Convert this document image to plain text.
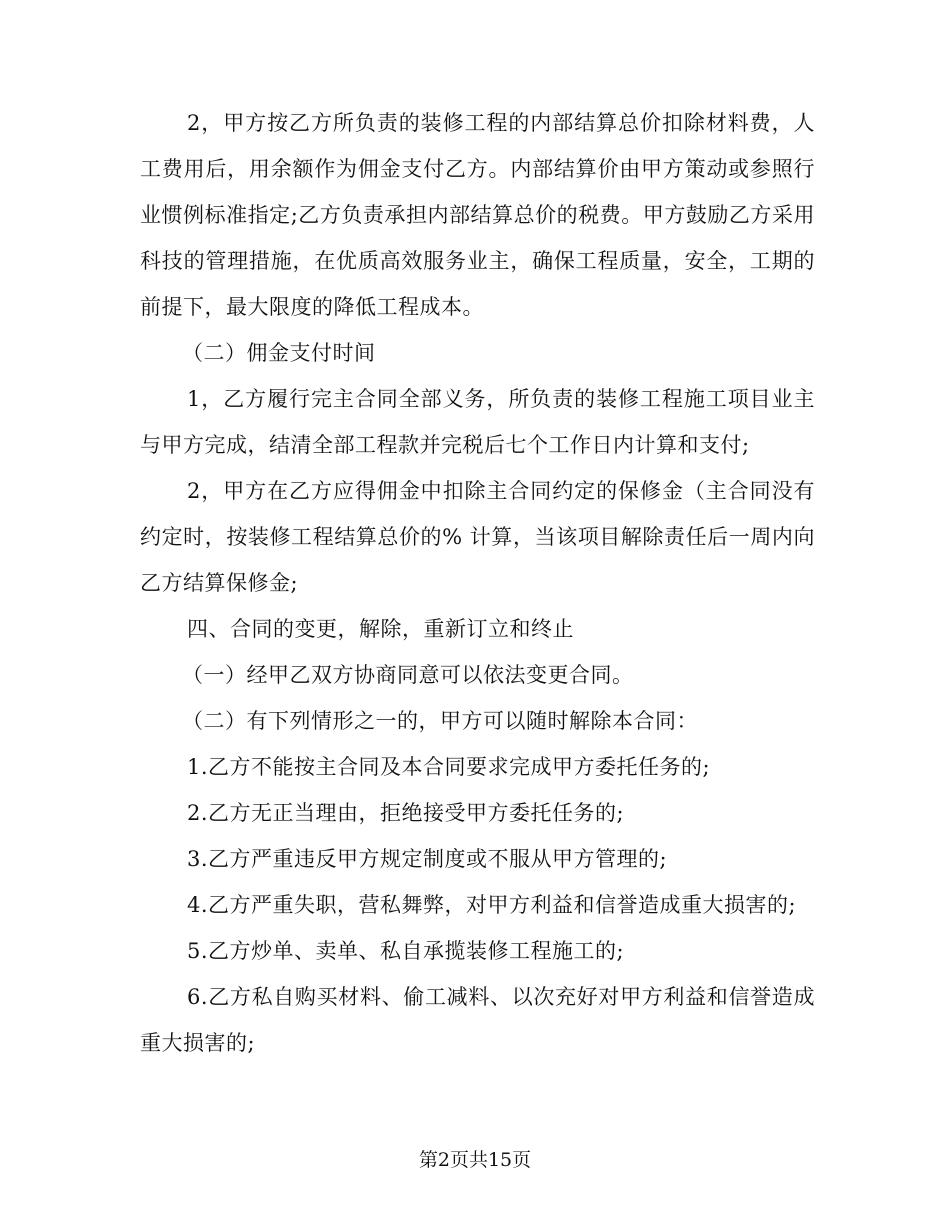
2，甲方按乙方所负责的装修工程的内部结算总价扣除材料费，人工费用后，用余额作为佣金支付乙方。内部结算价由甲方策动或参照行业惯例标准指定;乙方负责承担内部结算总价的税费。甲方鼓励乙方采用科技的管理措施，在优质高效服务业主，确保工程质量，安全，工期的前提下，最大限度的降低工程成本。

（二）佣金支付时间

1，乙方履行完主合同全部义务，所负责的装修工程施工项目业主与甲方完成，结清全部工程款并完税后七个工作日内计算和支付;

2，甲方在乙方应得佣金中扣除主合同约定的保修金（主合同没有约定时，按装修工程结算总价的% 计算，当该项目解除责任后一周内向乙方结算保修金;

四、合同的变更，解除，重新订立和终止

（一）经甲乙双方协商同意可以依法变更合同。

（二）有下列情形之一的，甲方可以随时解除本合同：

1.乙方不能按主合同及本合同要求完成甲方委托任务的;

2.乙方无正当理由，拒绝接受甲方委托任务的;

3.乙方严重违反甲方规定制度或不服从甲方管理的;

4.乙方严重失职，营私舞弊，对甲方利益和信誉造成重大损害的;

5.乙方炒单、卖单、私自承揽装修工程施工的;

6.乙方私自购买材料、偷工减料、以次充好对甲方利益和信誉造成重大损害的;

第2页共15页
